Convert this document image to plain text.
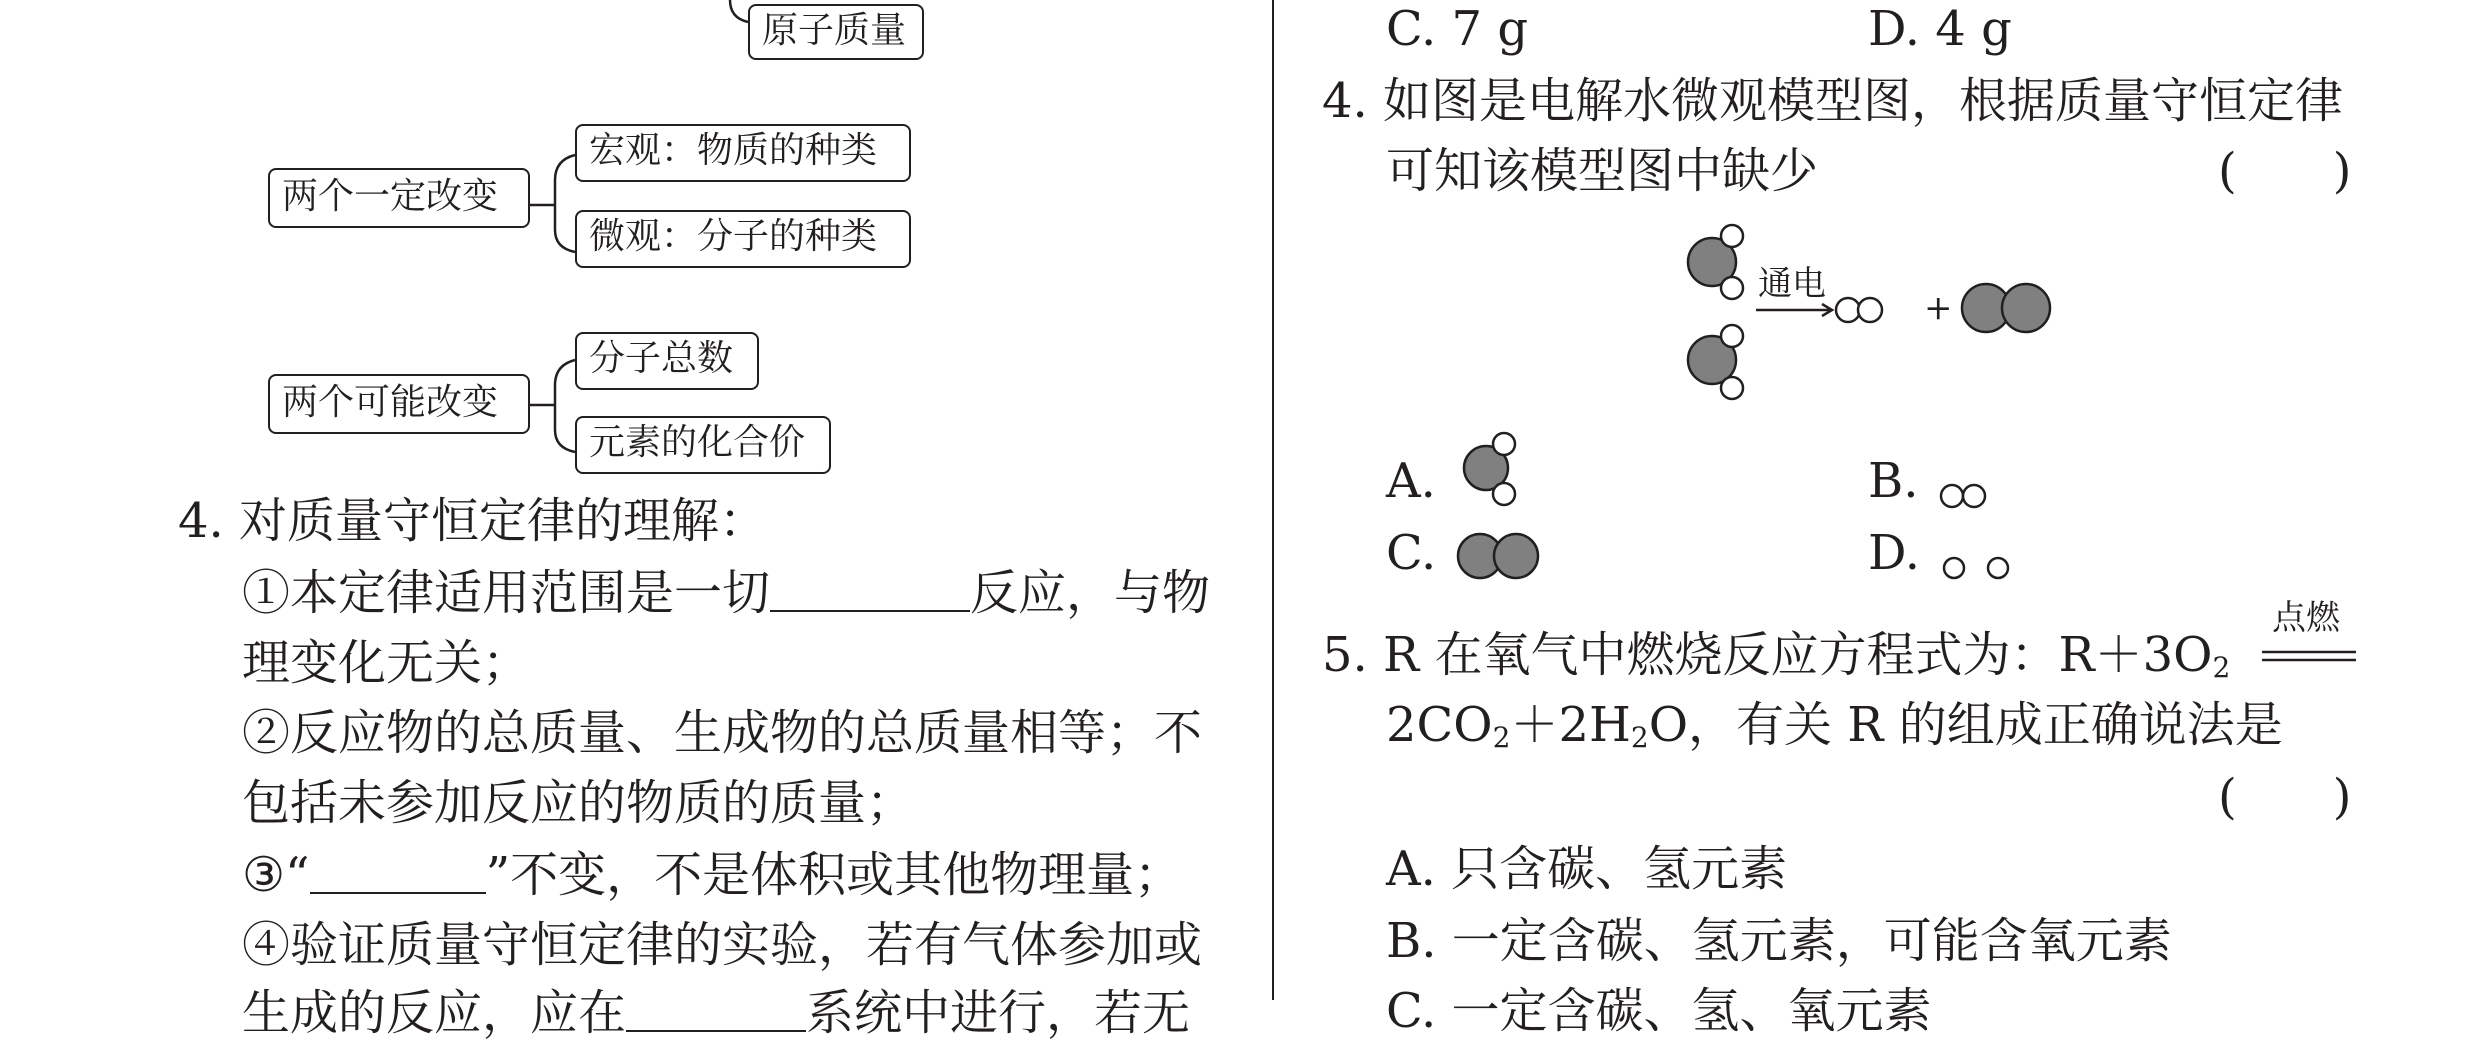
原子质量
两个一定改变
宏观：物质的种类
微观：分子的种类
两个可能改变
分子总数
元素的化合价
4. 对质量守恒定律的理解：
①本定律适用范围是一切	反应，与物
理变化无关；
②反应物的总质量、生成物的总质量相等；不
包括未参加反应的物质的质量；
③“	”不变，不是体积或其他物理量；
④验证质量守恒定律的实验，若有气体参加或
生成的反应，应在	系统中进行，若无
C. 7 g	D. 4 g
4. 如图是电解水微观模型图，根据质量守恒定律
可知该模型图中缺少	(　　)
通电
+
A.	B.
C.	D.
5. R 在氧气中燃烧反应方程式为：$R+3O_2$
点燃
$2CO_2+2H_2O$，有关 R 的组成正确说法是
(　　)
A. 只含碳、氢元素
B. 一定含碳、氢元素，可能含氧元素
C. 一定含碳、氢、氧元素
